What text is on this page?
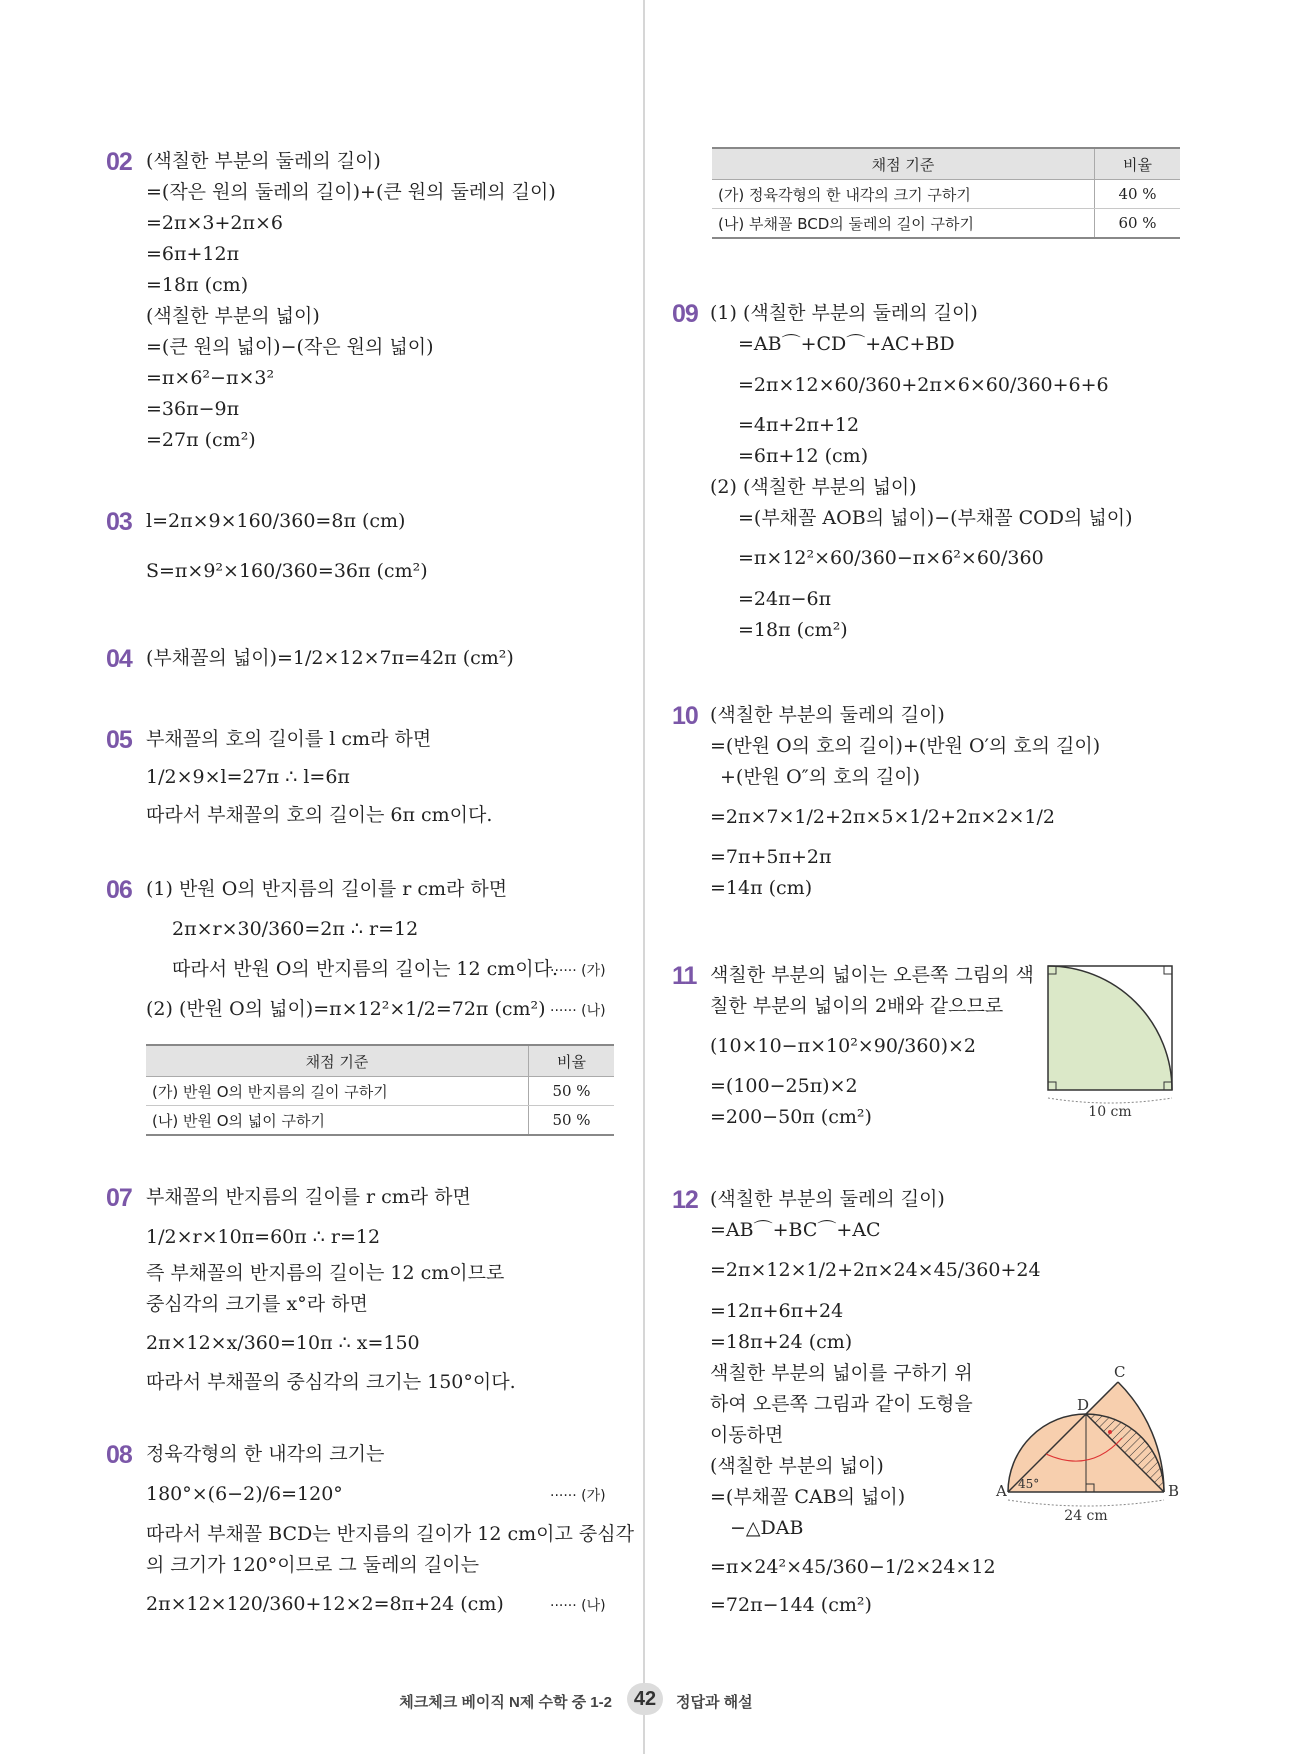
02 (색칠한 부분의 둘레의 길이)
=(작은 원의 둘레의 길이)+(큰 원의 둘레의 길이)
=2π×3+2π×6
=6π+12π
=18π (cm)
(색칠한 부분의 넓이)
=(큰 원의 넓이)−(작은 원의 넓이)
=π×6²−π×3²
=36π−9π
=27π (cm²)
03 l=2π×9×160/360=8π (cm)
S=π×9²×160/360=36π (cm²)
04 (부채꼴의 넓이)=1/2×12×7π=42π (cm²)
05 부채꼴의 호의 길이를 l cm라 하면
1/2×9×l=27π ∴ l=6π
따라서 부채꼴의 호의 길이는 6π cm이다.
06 (1) 반원 O의 반지름의 길이를 r cm라 하면
2π×r×30/360=2π ∴ r=12
따라서 반원 O의 반지름의 길이는 12 cm이다.
······ (가)
(2) (반원 O의 넓이)=π×12²×1/2=72π (cm²) ······ (나)
채점 기준	비율
(가) 반원 O의 반지름의 길이 구하기	50 %
(나) 반원 O의 넓이 구하기	50 %
07 부채꼴의 반지름의 길이를 r cm라 하면
1/2×r×10π=60π ∴ r=12
즉 부채꼴의 반지름의 길이는 12 cm이므로
중심각의 크기를 x°라 하면
2π×12×x/360=10π ∴ x=150
따라서 부채꼴의 중심각의 크기는 150°이다.
08 정육각형의 한 내각의 크기는
180°×(6−2)/6=120°	······ (가)
따라서 부채꼴 BCD는 반지름의 길이가 12 cm이고 중심각
의 크기가 120°이므로 그 둘레의 길이는
2π×12×120/360+12×2=8π+24 (cm)	······ (나)
채점 기준	비율
(가) 정육각형의 한 내각의 크기 구하기	40 %
(나) 부채꼴 BCD의 둘레의 길이 구하기	60 %
09 (1) (색칠한 부분의 둘레의 길이)
=AB⌒+CD⌒+AC+BD
=2π×12×60/360+2π×6×60/360+6+6
=4π+2π+12
=6π+12 (cm)
(2) (색칠한 부분의 넓이)
=(부채꼴 AOB의 넓이)−(부채꼴 COD의 넓이)
=π×12²×60/360−π×6²×60/360
=24π−6π
=18π (cm²)
10 (색칠한 부분의 둘레의 길이)
=(반원 O의 호의 길이)+(반원 O′의 호의 길이)
+(반원 O″의 호의 길이)
=2π×7×1/2+2π×5×1/2+2π×2×1/2
=7π+5π+2π
=14π (cm)
11 색칠한 부분의 넓이는 오른쪽 그림의 색
칠한 부분의 넓이의 2배와 같으므로
(10×10−π×10²×90/360)×2
=(100−25π)×2
=200−50π (cm²)	10 cm
12 (색칠한 부분의 둘레의 길이)
=AB⌒+BC⌒+AC
=2π×12×1/2+2π×24×45/360+24
=12π+6π+24
=18π+24 (cm)
색칠한 부분의 넓이를 구하기 위
하여 오른쪽 그림과 같이 도형을
이동하면
(색칠한 부분의 넓이)
=(부채꼴 CAB의 넓이)
−△DAB
=π×24²×45/360−1/2×24×12
=72π−144 (cm²)
A	B
C
D
45°
24 cm
체크체크 베이직 N제 수학 중 1-2	42	정답과 해설
